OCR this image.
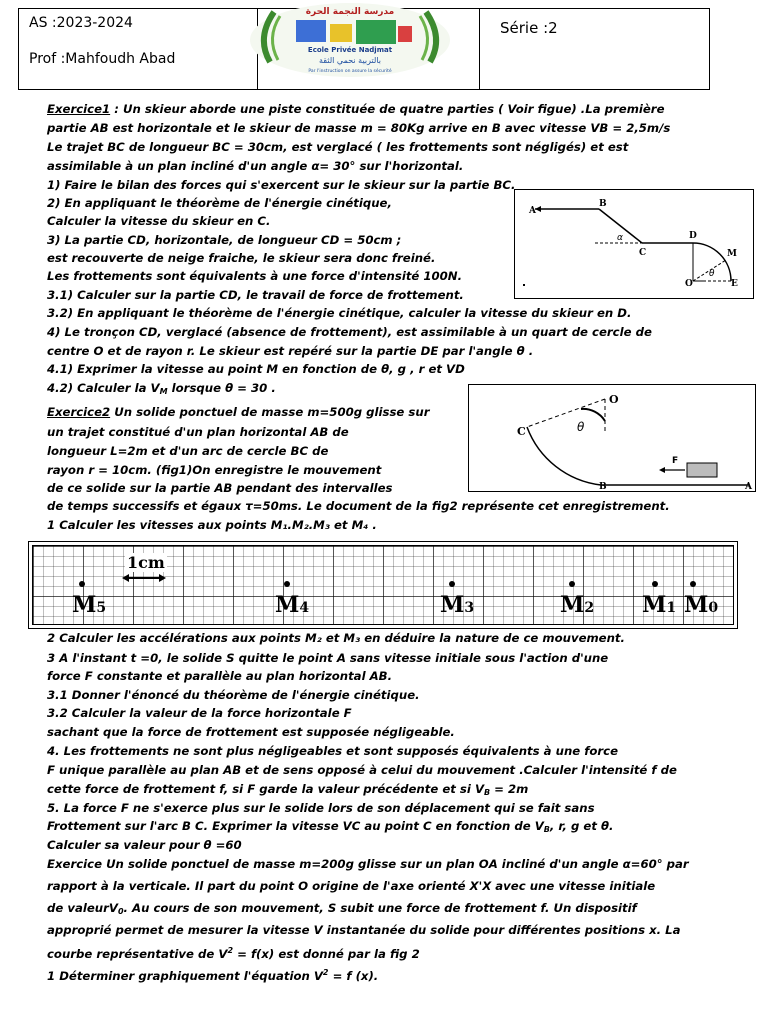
AS :2023-2024
Prof :Mahfoudh Abad
Série :2
مدرسة النجمة الحرة
Ecole Privée Nadjmat
بالتربية نحمي الثقة
Par l'instruction on assure la sécurité
Exercice1 : Un skieur aborde une piste constituée de quatre parties ( Voir figue) .La première
partie AB est horizontale et le skieur de masse m = 80Kg arrive en B avec vitesse VB = 2,5m/s
Le trajet BC de longueur BC = 30cm, est verglacé ( les frottements sont négligés) et est
assimilable à un plan incliné d'un angle α= 30° sur l'horizontal.
1) Faire le bilan des forces qui s'exercent sur le skieur sur la partie BC.
2) En appliquant le théorème de l'énergie cinétique,
Calculer la vitesse du skieur en C.
3) La partie CD, horizontale, de longueur CD = 50cm ;
est recouverte de neige fraiche, le skieur sera donc freiné.
Les frottements sont équivalents à une force d'intensité 100N.
3.1) Calculer sur la partie CD, le travail de force de frottement.
3.2) En appliquant le théorème de l'énergie cinétique, calculer la vitesse du skieur en D.
4) Le tronçon CD, verglacé (absence de frottement), est assimilable à un quart de cercle de
centre O et de rayon r. Le skieur est repéré sur la partie DE par l'angle θ .
4.1) Exprimer la vitesse au point M en fonction de θ, g , r et VD
4.2) Calculer la $V_M$ lorsque θ = 30 .
Exercice2 Un solide ponctuel de masse m=500g glisse sur
un trajet constitué d'un plan horizontal AB de
longueur L=2m et d'un arc de cercle BC de
rayon r = 10cm. (fig1)On enregistre le mouvement
de ce solide sur la partie AB pendant des intervalles
de temps successifs et égaux τ=50ms. Le document de la fig2 représente cet enregistrement.
1 Calculer les vitesses aux points M₁.M₂.M₃ et M₄ .
2 Calculer les accélérations aux points M₂ et M₃ en déduire la nature de ce mouvement.
3 A l'instant t =0, le solide S quitte le point A sans vitesse initiale sous l'action d'une
force F constante et parallèle au plan horizontal AB.
3.1 Donner l'énoncé du théorème de l'énergie cinétique.
3.2 Calculer la valeur de la force horizontale F
sachant que la force de frottement est supposée négligeable.
4. Les frottements ne sont plus négligeables et sont supposés équivalents à une force
F unique parallèle au plan AB et de sens opposé à celui du mouvement .Calculer l'intensité f de
cette force de frottement f, si F garde la valeur précédente et si $V_B = 2m$
5. La force F ne s'exerce plus sur le solide lors de son déplacement qui se fait sans
Frottement sur l'arc B C. Exprimer la vitesse VC au point C en fonction de $V_B$, r, g et θ.
Calculer sa valeur pour θ =60
Exercice Un solide ponctuel de masse m=200g glisse sur un plan OA incliné d'un angle α=60° par
rapport à la verticale. Il part du point O origine de l'axe orienté X'X avec une vitesse initiale
de valeurV$_0$. Au cours de son mouvement, S subit une force de frottement f. Un dispositif
approprié permet de mesurer la vitesse V instantanée du solide pour différentes positions x. La
courbe représentative de $V^2 = f(x)$ est donné par la fig 2
1 Déterminer graphiquement l'équation $V^2 = f$ (x).
A
B
C
D
M
O	E
α
θ
O
C
B	A
θ
F
1cm
M5	M4	M3	M2 M1 M0
